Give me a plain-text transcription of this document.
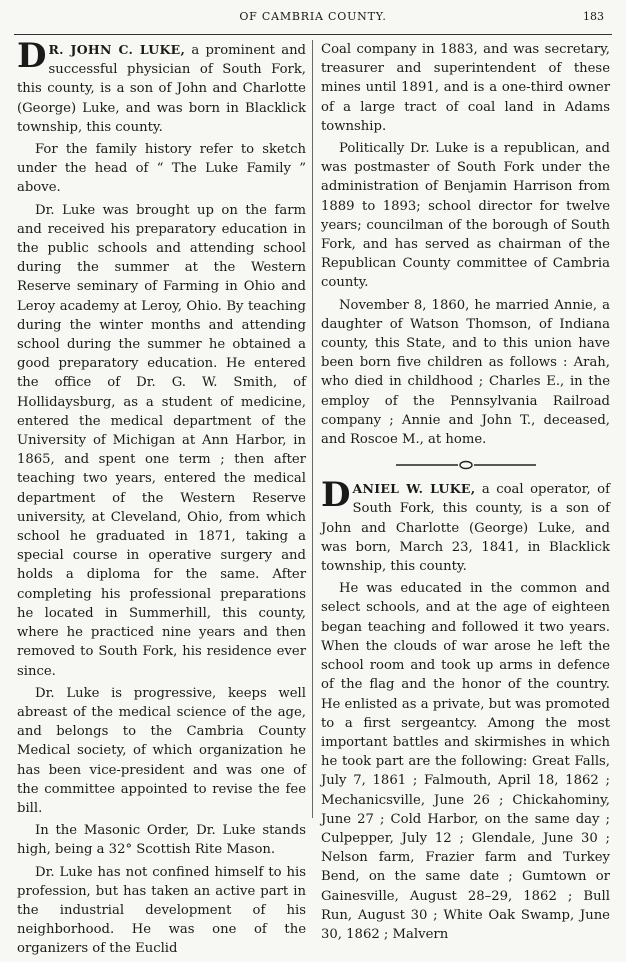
OF CAMBRIA COUNTY.	183

D R. JOHN C. LUKE, a prominent and successful physician of South Fork, this county, is a son of John and Charlotte (George) Luke, and was born in Blacklick township, this county.

For the family history refer to sketch under the head of “ The Luke Family ” above.

Dr. Luke was brought up on the farm and received his preparatory education in the public schools and attending school during the summer at the Western Reserve seminary of Farming in Ohio and Leroy academy at Leroy, Ohio. By teaching during the winter months and attending school during the summer he obtained a good preparatory education. He entered the office of Dr. G. W. Smith, of Hollidaysburg, as a student of medicine, entered the medical department of the University of Michigan at Ann Harbor, in 1865, and spent one term ; then after teaching two years, entered the medical department of the Western Reserve university, at Cleveland, Ohio, from which school he graduated in 1871, taking a special course in operative surgery and holds a diploma for the same. After completing his professional preparations he located in Summerhill, this county, where he practiced nine years and then removed to South Fork, his residence ever since.

Dr. Luke is progressive, keeps well abreast of the medical science of the age, and belongs to the Cambria County Medical society, of which organization he has been vice-president and was one of the committee appointed to revise the fee bill.

In the Masonic Order, Dr. Luke stands high, being a 32° Scottish Rite Mason.

Dr. Luke has not confined himself to his profession, but has taken an active part in the industrial development of his neighborhood. He was one of the organizers of the Euclid

Coal company in 1883, and was secretary, treasurer and superintendent of these mines until 1891, and is a one-third owner of a large tract of coal land in Adams township.

Politically Dr. Luke is a republican, and was postmaster of South Fork under the administration of Benjamin Harrison from 1889 to 1893; school director for twelve years; councilman of the borough of South Fork, and has served as chairman of the Republican County committee of Cambria county.

November 8, 1860, he married Annie, a daughter of Watson Thomson, of Indiana county, this State, and to this union have been born five children as follows : Arah, who died in childhood ; Charles E., in the employ of the Pennsylvania Railroad company ; Annie and John T., deceased, and Roscoe M., at home.

DANIEL W. LUKE, a coal operator, of South Fork, this county, is a son of John and Charlotte (George) Luke, and was born, March 23, 1841, in Blacklick township, this county.

He was educated in the common and select schools, and at the age of eighteen began teaching and followed it two years. When the clouds of war arose he left the school room and took up arms in defence of the flag and the honor of the country. He enlisted as a private, but was promoted to a first sergeantcy. Among the most important battles and skirmishes in which he took part are the following: Great Falls, July 7, 1861 ; Falmouth, April 18, 1862 ; Mechanicsville, June 26 ; Chickahominy, June 27 ; Cold Harbor, on the same day ; Culpepper, July 12 ; Glendale, June 30 ; Nelson farm, Frazier farm and Turkey Bend, on the same date ; Gumtown or Gainesville, August 28–29, 1862 ; Bull Run, August 30 ; White Oak Swamp, June 30, 1862 ; Malvern
